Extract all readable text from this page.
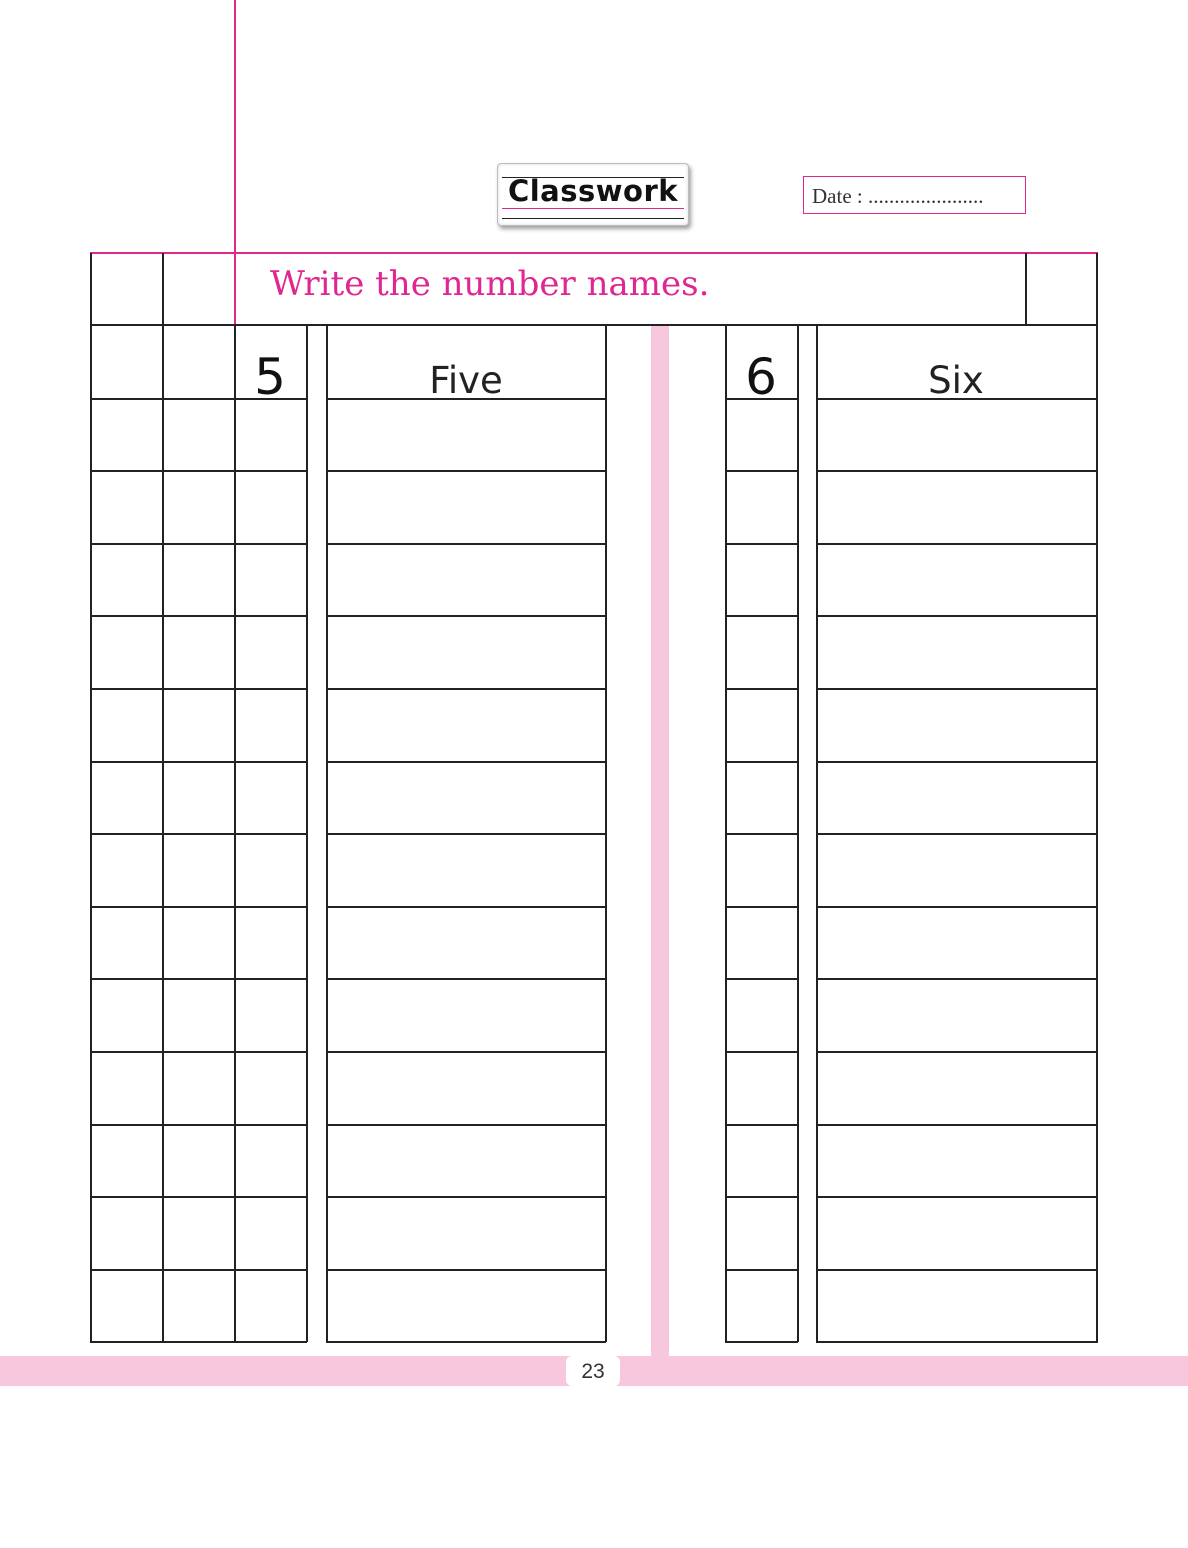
Classwork	Date : ......................
Write the number names.
23
5	Five	6	Six
